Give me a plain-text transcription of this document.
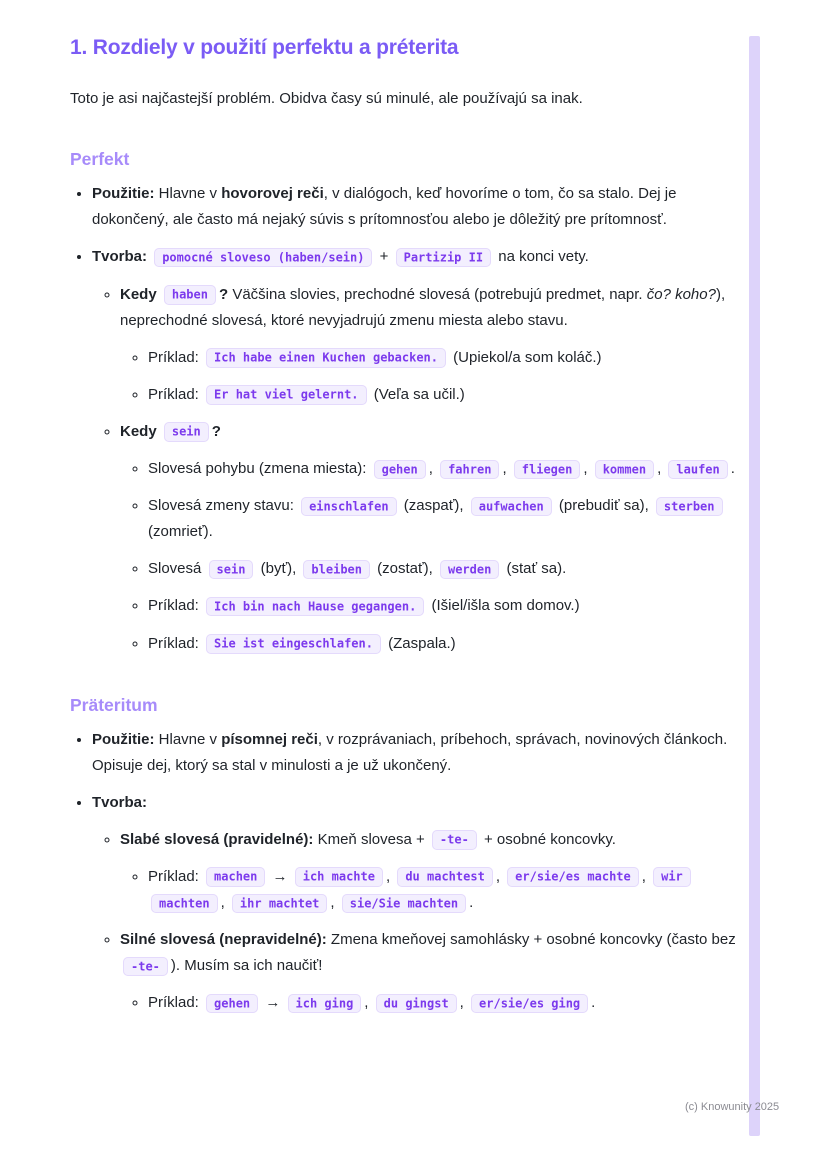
1. Rozdiely v použití perfektu a préterita

Toto je asi najčastejší problém. Obidva časy sú minulé, ale používajú sa inak.

Perfekt
• Použitie: Hlavne v hovorovej reči, v dialógoch, keď hovoríme o tom, čo sa stalo. Dej je dokončený, ale často má nejaký súvis s prítomnosťou alebo je dôležitý pre prítomnosť.
• Tvorba: pomocné sloveso (haben/sein) + Partizip II na konci vety.
◦ Kedy haben ? Väčšina slovies, prechodné slovesá (potrebujú predmet, napr. čo? koho?), neprechodné slovesá, ktoré nevyjadrujú zmenu miesta alebo stavu.
◦ Príklad: Ich habe einen Kuchen gebacken. (Upiekol/a som koláč.)
◦ Príklad: Er hat viel gelernt. (Veľa sa učil.)
◦ Kedy sein ?
◦ Slovesá pohybu (zmena miesta): gehen , fahren , fliegen , kommen , laufen .
◦ Slovesá zmeny stavu: einschlafen (zaspať), aufwachen (prebudiť sa), sterben (zomrieť).
◦ Slovesá sein (byť), bleiben (zostať), werden (stať sa).
◦ Príklad: Ich bin nach Hause gegangen. (Išiel/išla som domov.)
◦ Príklad: Sie ist eingeschlafen. (Zaspala.)
Präteritum
• Použitie: Hlavne v písomnej reči, v rozprávaniach, príbehoch, správach, novinových článkoch. Opisuje dej, ktorý sa stal v minulosti a je už ukončený.
• Tvorba:
◦ Slabé slovesá (pravidelné): Kmeň slovesa + -te- + osobné koncovky.
◦ Príklad: machen → ich machte , du machtest , er/sie/es machte , wir machten , ihr machtet , sie/Sie machten .
◦ Silné slovesá (nepravidelné): Zmena kmeňovej samohlásky + osobné koncovky (často bez -te- ). Musím sa ich naučiť!
◦ Príklad: gehen → ich ging , du gingst , er/sie/es ging .
(c) Knowunity 2025
